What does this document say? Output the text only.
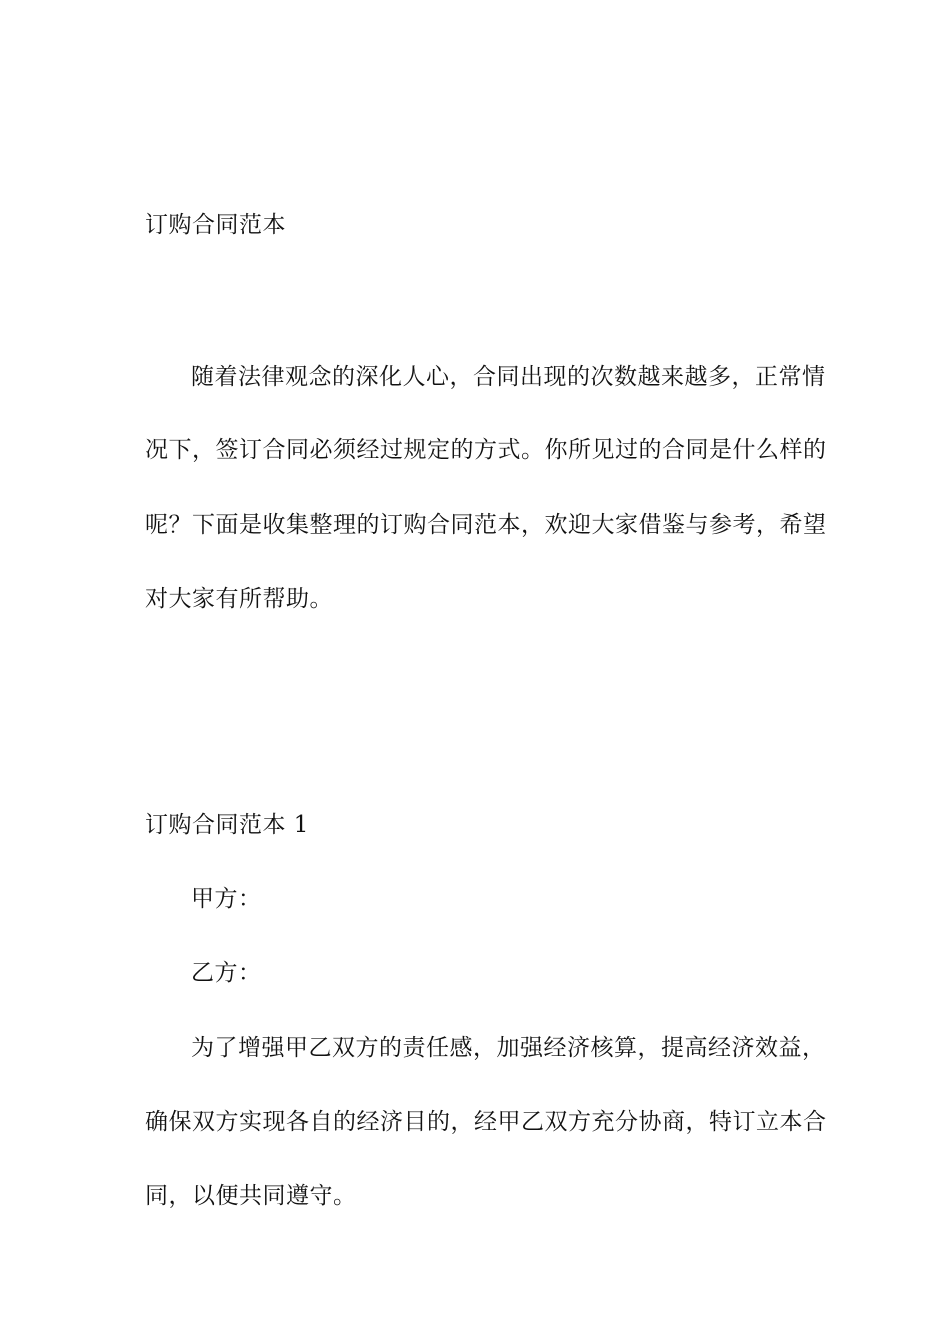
订购合同范本
随着法律观念的深化人心，合同出现的次数越来越多，正常情
况下，签订合同必须经过规定的方式。你所见过的合同是什么样的
呢？下面是收集整理的订购合同范本，欢迎大家借鉴与参考，希望
对大家有所帮助。
订购合同范本 1
甲方：
乙方：
为了增强甲乙双方的责任感，加强经济核算，提高经济效益，
确保双方实现各自的经济目的，经甲乙双方充分协商，特订立本合
同，以便共同遵守。
